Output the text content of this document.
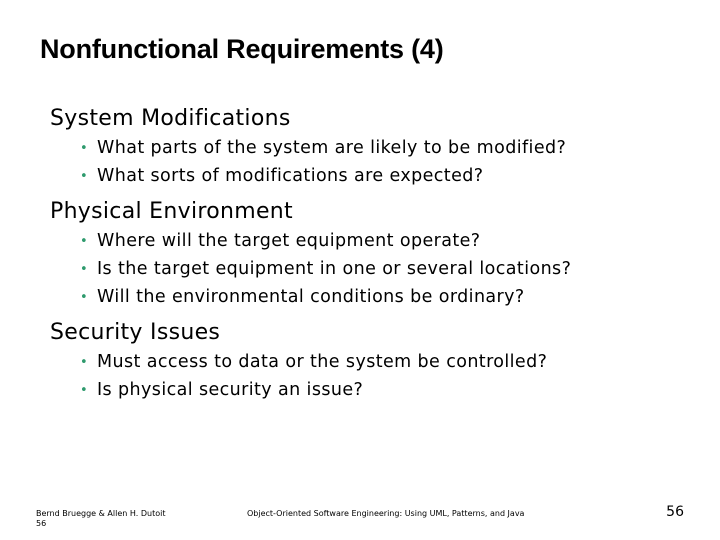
Nonfunctional Requirements (4)
System Modifications
• What parts of the system are likely to be modified?
• What sorts of modifications are expected?
Physical Environment
• Where will the target equipment operate?
• Is the target equipment in one or several locations?
• Will the environmental conditions be ordinary?
Security Issues
• Must access to data or the system be controlled?
• Is physical security an issue?
Bernd Bruegge & Allen H. Dutoit
56
Object-Oriented Software Engineering: Using UML, Patterns, and Java	56
